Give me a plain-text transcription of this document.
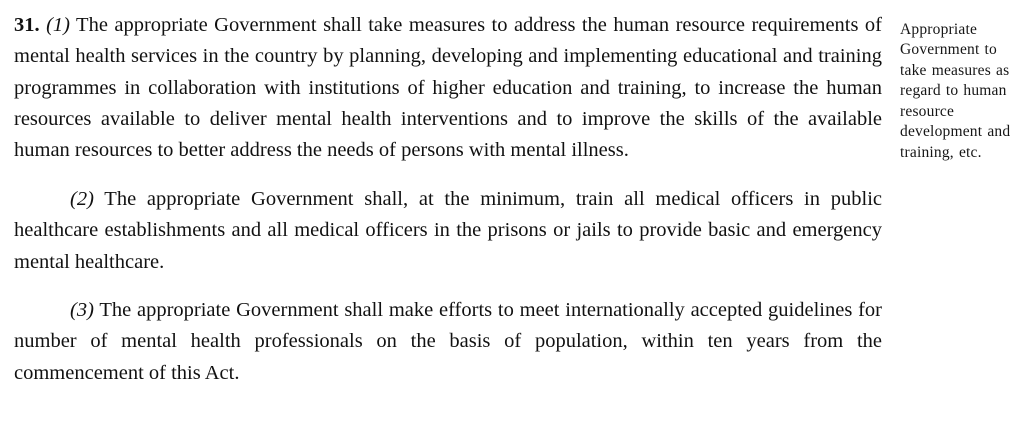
31. (1) The appropriate Government shall take measures to address the human resource requirements of mental health services in the country by planning, developing and implementing educational and training programmes in collaboration with institutions of higher education and training, to increase the human resources available to deliver mental health interventions and to improve the skills of the available human resources to better address the needs of persons with mental illness.

(2) The appropriate Government shall, at the minimum, train all medical officers in public healthcare establishments and all medical officers in the prisons or jails to provide basic and emergency mental healthcare.

(3) The appropriate Government shall make efforts to meet internationally accepted guidelines for number of mental health professionals on the basis of population, within ten years from the commencement of this Act.

Appropriate Government to take measures as regard to human resource development and training, etc.
